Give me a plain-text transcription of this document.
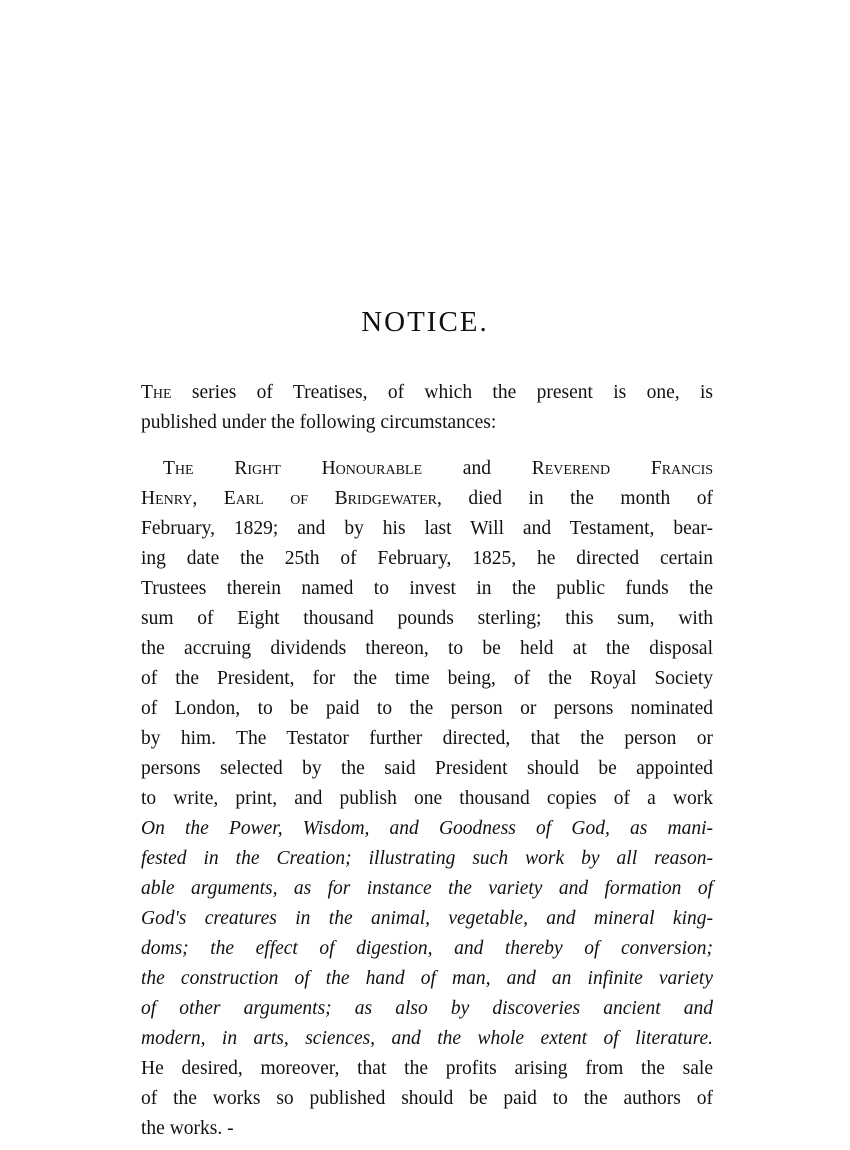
NOTICE.
The series of Treatises, of which the present is one, is
published under the following circumstances:
The Right Honourable and Reverend Francis
Henry, Earl of Bridgewater, died in the month of
February, 1829; and by his last Will and Testament, bear-
ing date the 25th of February, 1825, he directed certain
Trustees therein named to invest in the public funds the
sum of Eight thousand pounds sterling; this sum, with
the accruing dividends thereon, to be held at the disposal
of the President, for the time being, of the Royal Society
of London, to be paid to the person or persons nominated
by him. The Testator further directed, that the person or
persons selected by the said President should be appointed
to write, print, and publish one thousand copies of a work
On the Power, Wisdom, and Goodness of God, as mani-
fested in the Creation; illustrating such work by all reason-
able arguments, as for instance the variety and formation of
God's creatures in the animal, vegetable, and mineral king-
doms; the effect of digestion, and thereby of conversion;
the construction of the hand of man, and an infinite variety
of other arguments; as also by discoveries ancient and
modern, in arts, sciences, and the whole extent of literature.
He desired, moreover, that the profits arising from the sale
of the works so published should be paid to the authors of
the works. -
